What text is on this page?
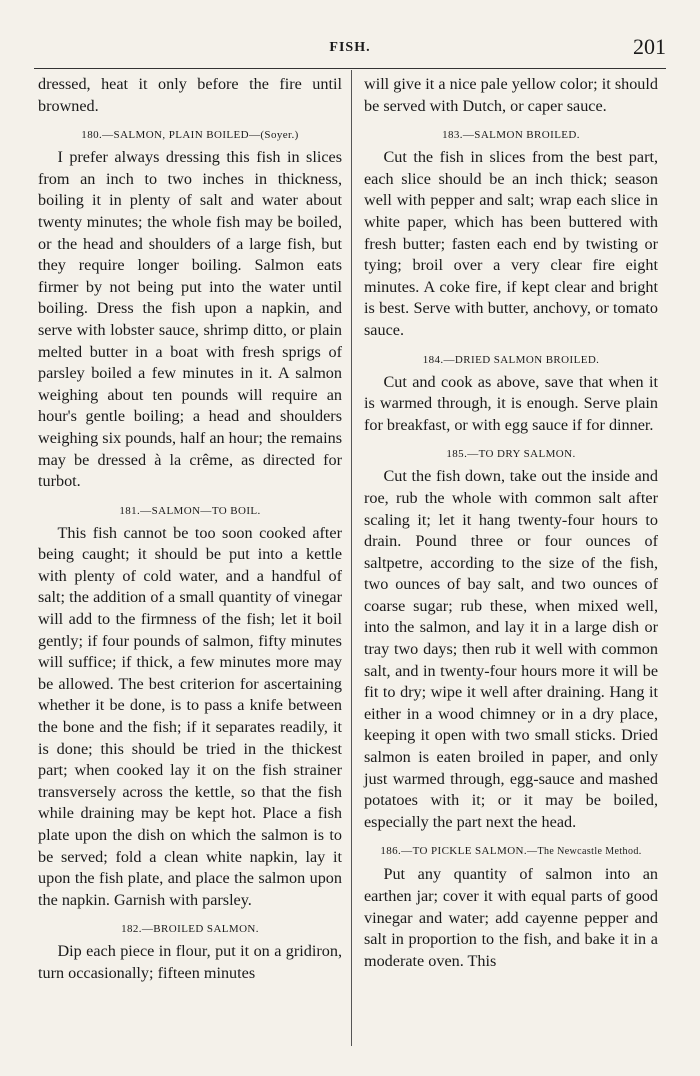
FISH.	201

dressed, heat it only before the fire until browned.

180.—SALMON, PLAIN BOILED—(Soyer.)

I prefer always dressing this fish in slices from an inch to two inches in thickness, boiling it in plenty of salt and water about twenty minutes; the whole fish may be boiled, or the head and shoulders of a large fish, but they require longer boiling. Salmon eats firmer by not being put into the water until boiling. Dress the fish upon a napkin, and serve with lobster sauce, shrimp ditto, or plain melted butter in a boat with fresh sprigs of parsley boiled a few minutes in it. A salmon weighing about ten pounds will require an hour's gentle boiling; a head and shoulders weighing six pounds, half an hour; the remains may be dressed à la crême, as directed for turbot.

181.—SALMON—TO BOIL.

This fish cannot be too soon cooked after being caught; it should be put into a kettle with plenty of cold water, and a handful of salt; the addition of a small quantity of vinegar will add to the firmness of the fish; let it boil gently; if four pounds of salmon, fifty minutes will suffice; if thick, a few minutes more may be allowed. The best criterion for ascertaining whether it be done, is to pass a knife between the bone and the fish; if it separates readily, it is done; this should be tried in the thickest part; when cooked lay it on the fish strainer transversely across the kettle, so that the fish while draining may be kept hot. Place a fish plate upon the dish on which the salmon is to be served; fold a clean white napkin, lay it upon the fish plate, and place the salmon upon the napkin. Garnish with parsley.

182.—BROILED SALMON.

Dip each piece in flour, put it on a gridiron, turn occasionally; fifteen minutes

will give it a nice pale yellow color; it should be served with Dutch, or caper sauce.

183.—SALMON BROILED.

Cut the fish in slices from the best part, each slice should be an inch thick; season well with pepper and salt; wrap each slice in white paper, which has been buttered with fresh butter; fasten each end by twisting or tying; broil over a very clear fire eight minutes. A coke fire, if kept clear and bright is best. Serve with butter, anchovy, or tomato sauce.

184.—DRIED SALMON BROILED.

Cut and cook as above, save that when it is warmed through, it is enough. Serve plain for breakfast, or with egg sauce if for dinner.

185.—TO DRY SALMON.

Cut the fish down, take out the inside and roe, rub the whole with common salt after scaling it; let it hang twenty-four hours to drain. Pound three or four ounces of saltpetre, according to the size of the fish, two ounces of bay salt, and two ounces of coarse sugar; rub these, when mixed well, into the salmon, and lay it in a large dish or tray two days; then rub it well with common salt, and in twenty-four hours more it will be fit to dry; wipe it well after draining. Hang it either in a wood chimney or in a dry place, keeping it open with two small sticks. Dried salmon is eaten broiled in paper, and only just warmed through, egg-sauce and mashed potatoes with it; or it may be boiled, especially the part next the head.

186.—TO PICKLE SALMON.—The Newcastle Method.

Put any quantity of salmon into an earthen jar; cover it with equal parts of good vinegar and water; add cayenne pepper and salt in proportion to the fish, and bake it in a moderate oven. This
